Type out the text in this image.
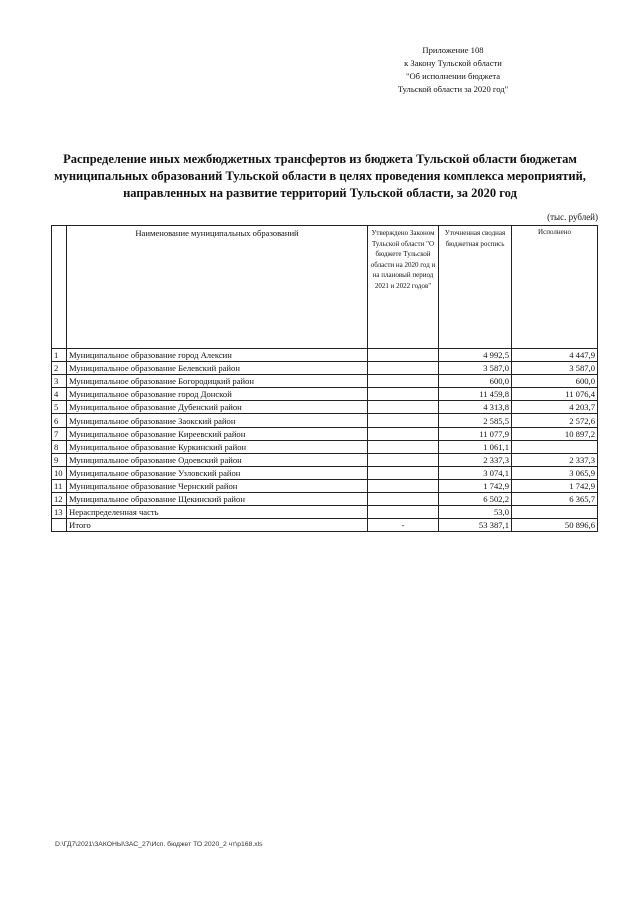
Приложение 108
к Закону Тульской области
"Об исполнении бюджета
Тульской области за 2020 год"
Распределение иных межбюджетных трансфертов из бюджета Тульской области бюджетам
муниципальных образований Тульской области в целях проведения комплекса мероприятий,
направленных на развитие территорий Тульской области, за 2020 год
(тыс. рублей)
	Наименование муниципальных образований	Утверждено Законом Тульской области "О бюджете Тульской области на 2020 год и на плановый период 2021 и 2022 годов"	Уточненная сводная бюджетная роспись	Исполнено
1	Муниципальное образование город Алексин		4 992,5	4 447,9
2	Муниципальное образование Белевский район		3 587,0	3 587,0
3	Муниципальное образование Богородицкий район		600,0	600,0
4	Муниципальное образование город Донской		11 459,8	11 076,4
5	Муниципальное образование Дубенский район		4 313,8	4 203,7
6	Муниципальное образование Заокский район		2 585,5	2 572,6
7	Муниципальное образование Киреевский район		11 077,9	10 897,2
8	Муниципальное образование Куркинский район		1 061,1	
9	Муниципальное образование Одоевский район		2 337,3	2 337,3
10	Муниципальное образование Узловский район		3 074,1	3 065,9
11	Муниципальное образование Чернский район		1 742,9	1 742,9
12	Муниципальное образование Щекинский район		6 502,2	6 365,7
13	Нераспределенная часть		53,0	
	Итого	-	53 387,1	50 896,6
D:\ГД7\2021\ЗАКОНЫ\ЗАС_27\Исп. бюджет ТО 2020_2 чт\р168.xls
